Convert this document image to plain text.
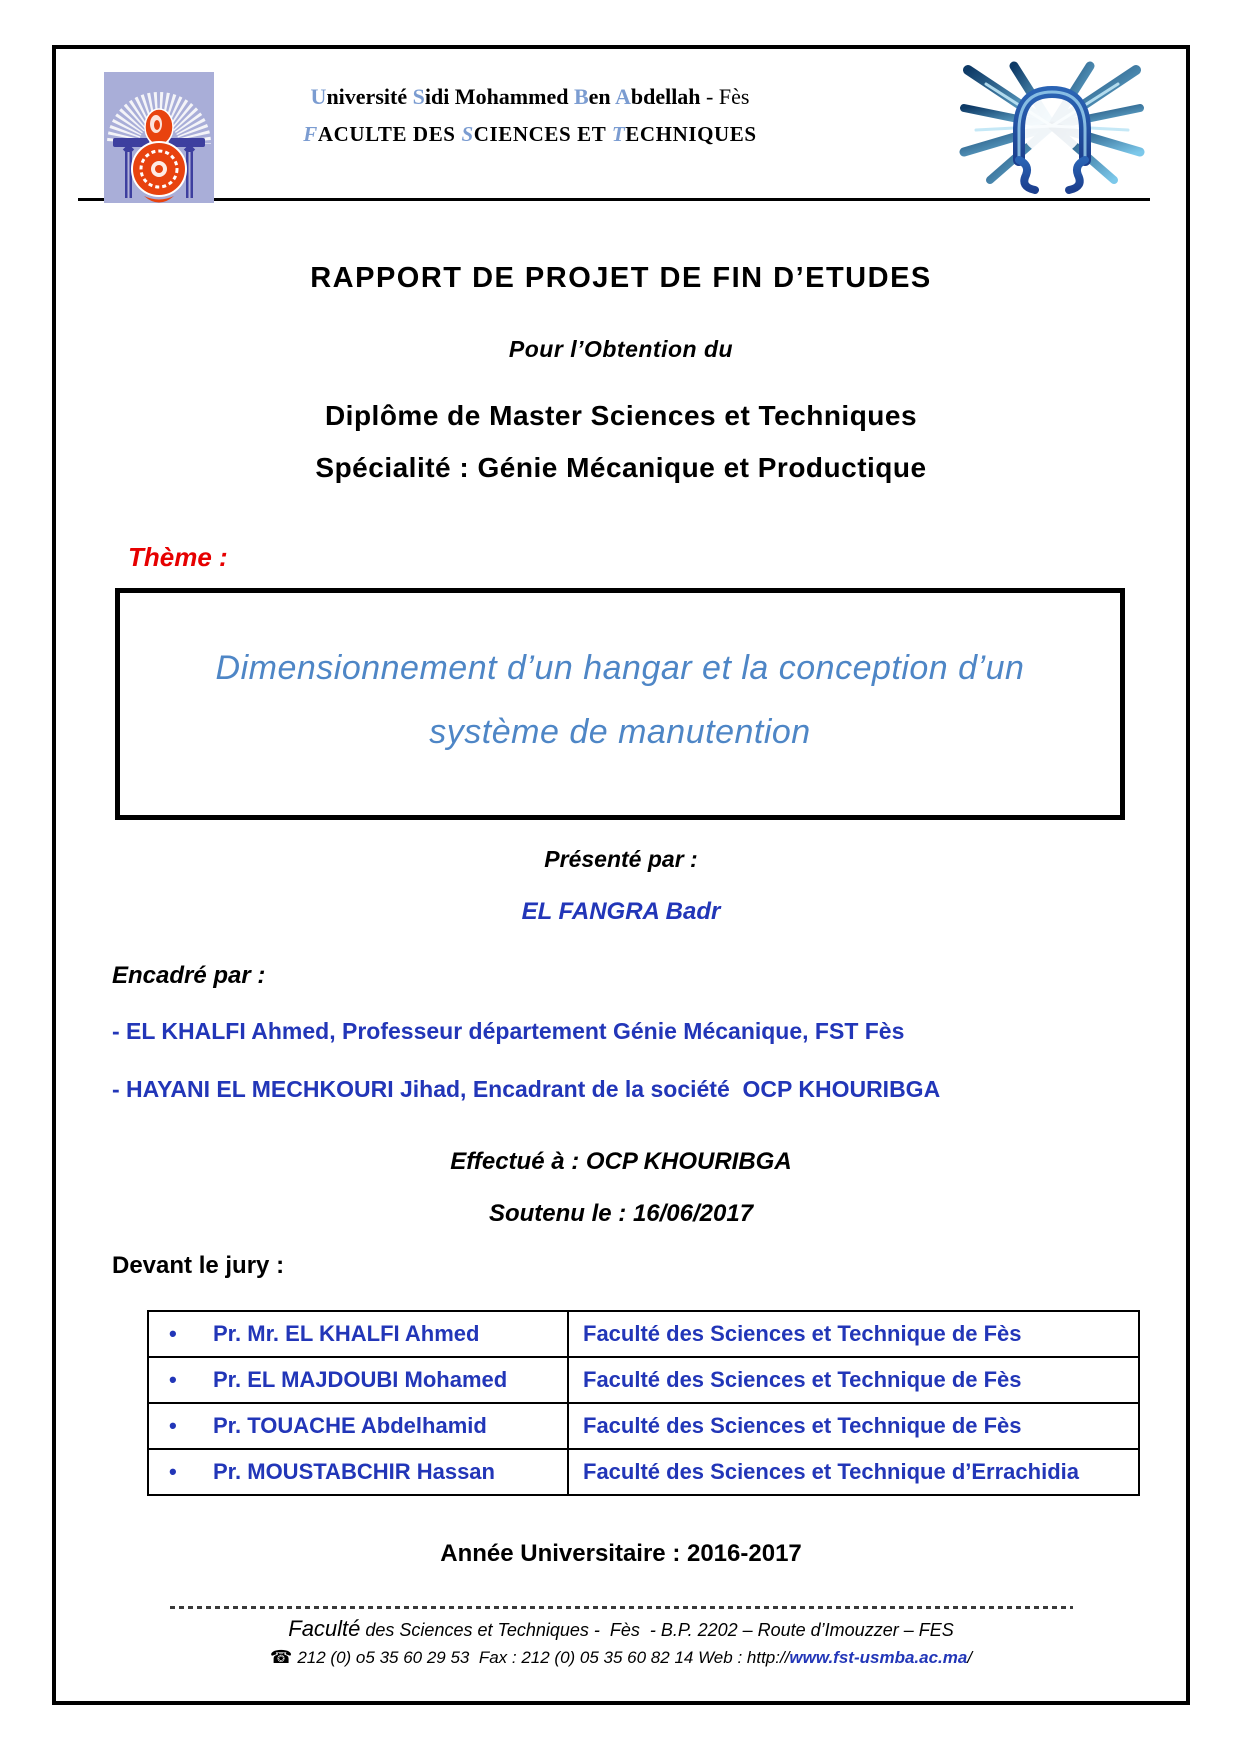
Université Sidi Mohammed Ben Abdellah - Fès
FACULTE DES SCIENCES ET TECHNIQUES
RAPPORT DE PROJET DE FIN D’ETUDES
Pour l’Obtention du
Diplôme de Master Sciences et Techniques
Spécialité : Génie Mécanique et Productique
Thème :
Dimensionnement d’un hangar et la conception d’un
système de manutention
Présenté par :
EL FANGRA Badr
Encadré par :
- EL KHALFI Ahmed, Professeur département Génie Mécanique, FST Fès
- HAYANI EL MECHKOURI Jihad, Encadrant de la société  OCP KHOURIBGA
Effectué à : OCP KHOURIBGA
Soutenu le : 16/06/2017
Devant le jury :
• Pr. Mr. EL KHALFI Ahmed	Faculté des Sciences et Technique de Fès
• Pr. EL MAJDOUBI Mohamed	Faculté des Sciences et Technique de Fès
• Pr. TOUACHE Abdelhamid	Faculté des Sciences et Technique de Fès
• Pr. MOUSTABCHIR Hassan	Faculté des Sciences et Technique d’Errachidia
Année Universitaire : 2016-2017
Faculté des Sciences et Techniques -  Fès  - B.P. 2202 – Route d’Imouzzer – FES
☎ 212 (0) o5 35 60 29 53  Fax : 212 (0) 05 35 60 82 14 Web : http://www.fst-usmba.ac.ma/
